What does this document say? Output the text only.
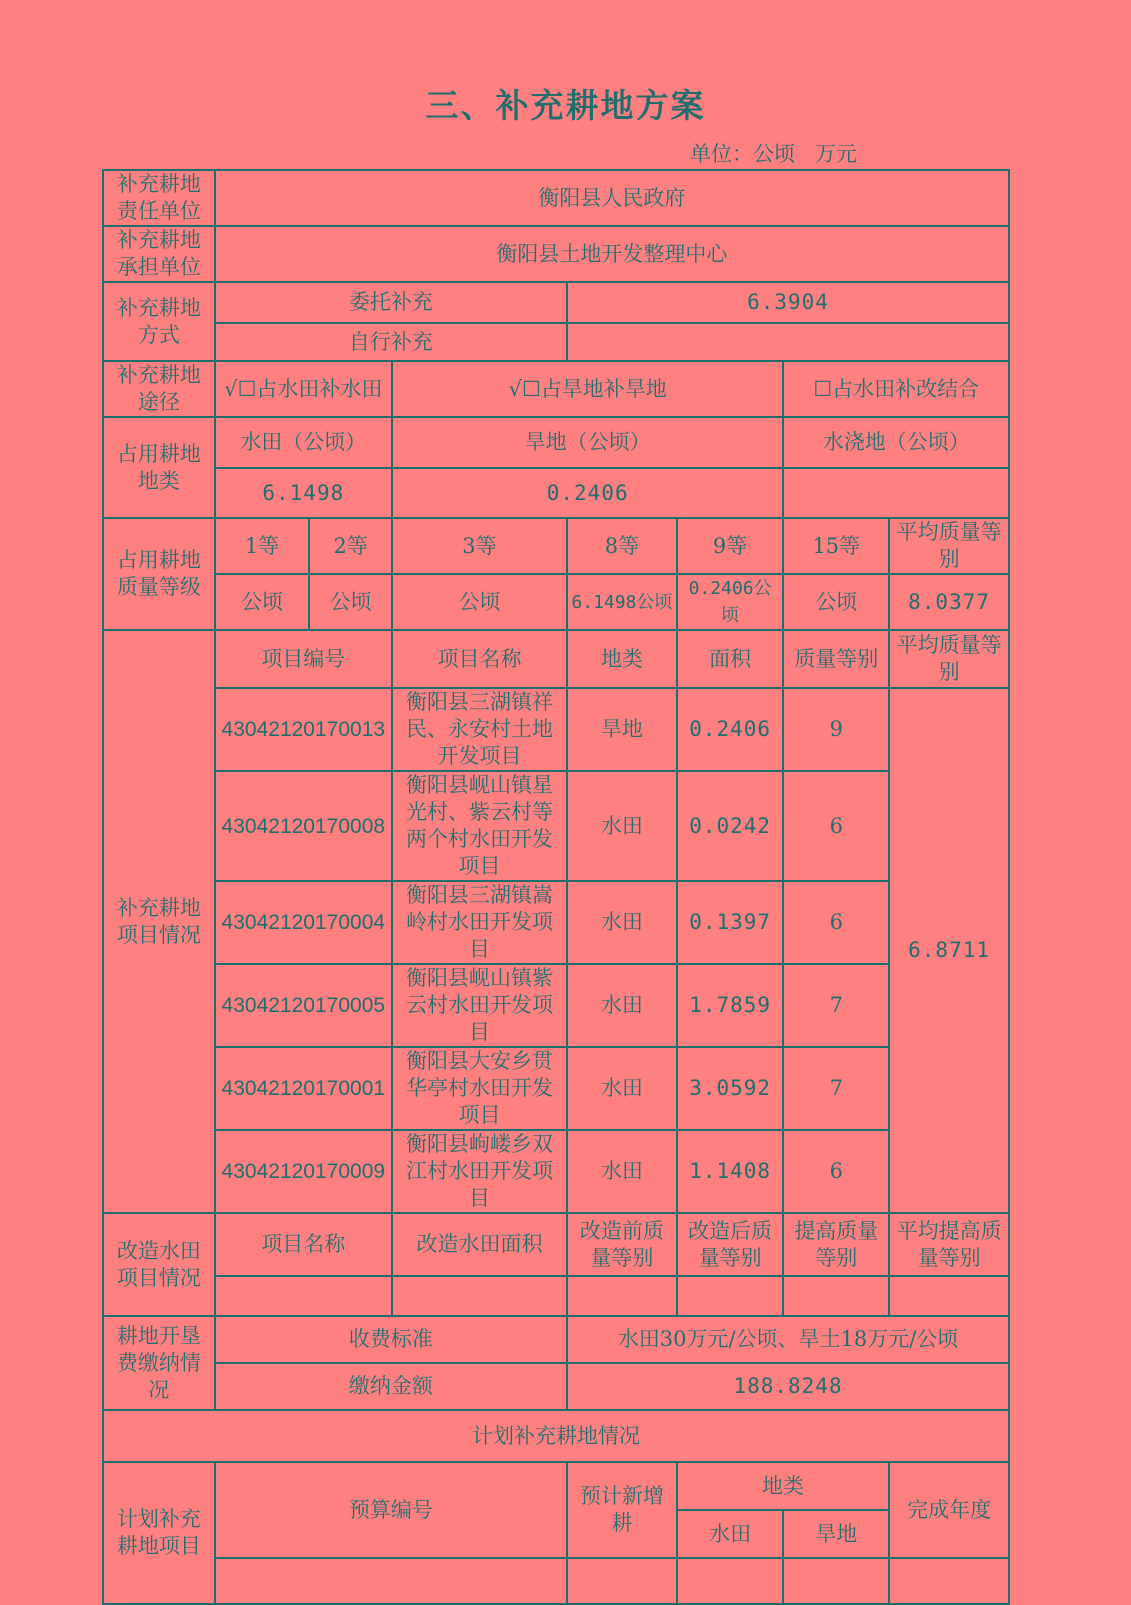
三、补充耕地方案
单位：公顷   万元
补充耕地责任单位	衡阳县人民政府						
补充耕地承担单位	衡阳县土地开发整理中心						
补充耕地方式	委托补充			6.3904			
	自行补充						
补充耕地途径	√☐占水田补水田		√☐占旱地补旱地			☐占水田补改结合	
占用耕地地类	水田（公顷）		旱地（公顷）			水浇地（公顷）	
	6.1498		0.2406				
占用耕地质量等级	1等	2等	3等	8等	9等	15等	平均质量等别
	公顷	公顷	公顷	6.1498公顷	0.2406公顷	公顷	8.0377
补充耕地项目情况	项目编号		项目名称	地类	面积	质量等别	平均质量等别
	43042120170013		衡阳县三湖镇祥民、永安村土地开发项目	旱地	0.2406	9	6.8711
	43042120170008		衡阳县岘山镇星光村、紫云村等两个村水田开发项目	水田	0.0242	6	
	43042120170004		衡阳县三湖镇嵩岭村水田开发项目	水田	0.1397	6	
	43042120170005		衡阳县岘山镇紫云村水田开发项目	水田	1.7859	7	
	43042120170001		衡阳县大安乡贯华亭村水田开发项目	水田	3.0592	7	
	43042120170009		衡阳县岣嵝乡双江村水田开发项目	水田	1.1408	6	
改造水田项目情况	项目名称		改造水田面积	改造前质量等别	改造后质量等别	提高质量等别	平均提高质量等别

耕地开垦费缴纳情况	收费标准			水田30万元/公顷、旱土18万元/公顷			
	缴纳金额			188.8248			
计划补充耕地情况							
计划补充耕地项目	预算编号			预计新增耕	地类		完成年度
					水田	旱地	
